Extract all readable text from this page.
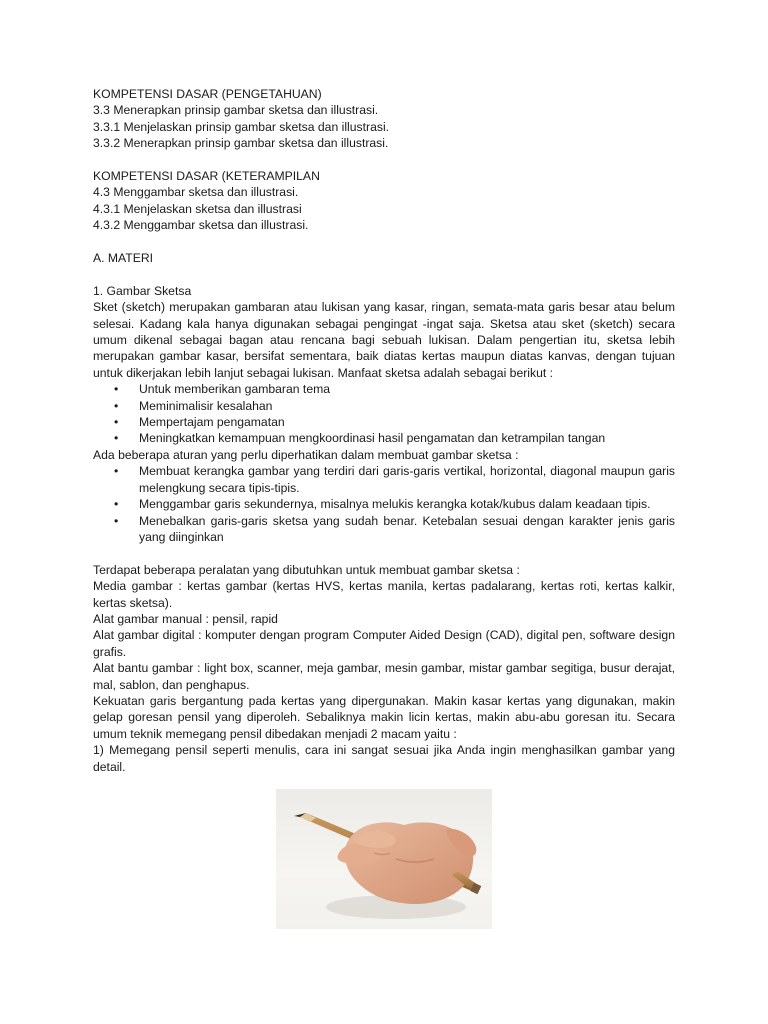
KOMPETENSI DASAR (PENGETAHUAN)

3.3 Menerapkan prinsip gambar sketsa dan illustrasi.

3.3.1 Menjelaskan prinsip gambar sketsa dan illustrasi.

3.3.2 Menerapkan prinsip gambar sketsa dan illustrasi.

KOMPETENSI DASAR (KETERAMPILAN

4.3 Menggambar sketsa dan illustrasi.

4.3.1 Menjelaskan sketsa dan illustrasi

4.3.2 Menggambar sketsa dan illustrasi.

A. MATERI

1. Gambar Sketsa

Sket (sketch) merupakan gambaran atau lukisan yang kasar, ringan, semata-mata garis besar atau belum selesai. Kadang kala hanya digunakan sebagai pengingat -ingat saja. Sketsa atau sket (sketch) secara umum dikenal sebagai bagan atau rencana bagi sebuah lukisan. Dalam pengertian itu, sketsa lebih merupakan gambar kasar, bersifat sementara, baik diatas kertas maupun diatas kanvas, dengan tujuan untuk dikerjakan lebih lanjut sebagai lukisan. Manfaat sketsa adalah sebagai berikut :

• Untuk memberikan gambaran tema
• Meminimalisir kesalahan
• Mempertajam pengamatan
• Meningkatkan kemampuan mengkoordinasi hasil pengamatan dan ketrampilan tangan

Ada beberapa aturan yang perlu diperhatikan dalam membuat gambar sketsa :

• Membuat kerangka gambar yang terdiri dari garis-garis vertikal, horizontal, diagonal maupun garis melengkung secara tipis-tipis.
• Menggambar garis sekundernya, misalnya melukis kerangka kotak/kubus dalam keadaan tipis.
• Menebalkan garis-garis sketsa yang sudah benar. Ketebalan sesuai dengan karakter jenis garis yang diinginkan

Terdapat beberapa peralatan yang dibutuhkan untuk membuat gambar sketsa :

Media gambar : kertas gambar (kertas HVS, kertas manila, kertas padalarang, kertas roti, kertas kalkir, kertas sketsa).

Alat gambar manual : pensil, rapid

Alat gambar digital : komputer dengan program Computer Aided Design (CAD), digital pen, software design grafis.

Alat bantu gambar : light box, scanner, meja gambar, mesin gambar, mistar gambar segitiga, busur derajat, mal, sablon, dan penghapus.

Kekuatan garis bergantung pada kertas yang dipergunakan. Makin kasar kertas yang digunakan, makin gelap goresan pensil yang diperoleh. Sebaliknya makin licin kertas, makin abu-abu goresan itu. Secara umum teknik memegang pensil dibedakan menjadi 2 macam yaitu :

1) Memegang pensil seperti menulis, cara ini sangat sesuai jika Anda ingin menghasilkan gambar yang detail.
